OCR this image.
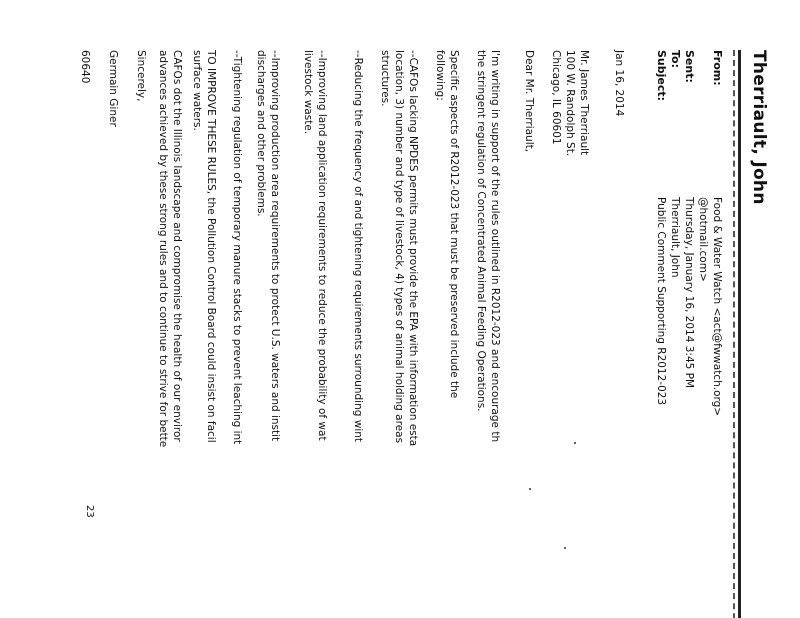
Therriault, John
From:
Food & Water Watch <act@fwwatch.org>
@hotmail.com>
Sent:
Thursday, January 16, 2014 3:45 PM
To:
Therriault, John
Subject:
Public Comment Supporting R2012-023
Jan 16, 2014
Mr. James Therriault
100 W. Randolph St.
Chicago, IL 60601
Dear Mr. Therriault,
I'm writing in support of the rules outlined in R2012-023 and encourage th
the stringent regulation of Concentrated Animal Feeding Operations.
Specific aspects of R2012-023 that must be preserved include the
following:
--CAFOs lacking NPDES permits must provide the EPA with information esta
location, 3) number and type of livestock, 4) types of animal holding areas
structures.
--Reducing the frequency of and tightening requirements surrounding wint
--Improving land application requirements to reduce the probability of wat
livestock waste.
--Improving production area requirements to protect U.S. waters and instit
discharges and other problems.
--Tightening regulation of temporary manure stacks to prevent leaching int
TO IMPROVE THESE RULES, the Pollution Control Board could insist on facil
surface waters.
CAFOs dot the Illinois landscape and compromise the health of our enviror
advances achieved by these strong rules and to continue to strive for bette
Sincerely,
Germain Giner
60640
23
